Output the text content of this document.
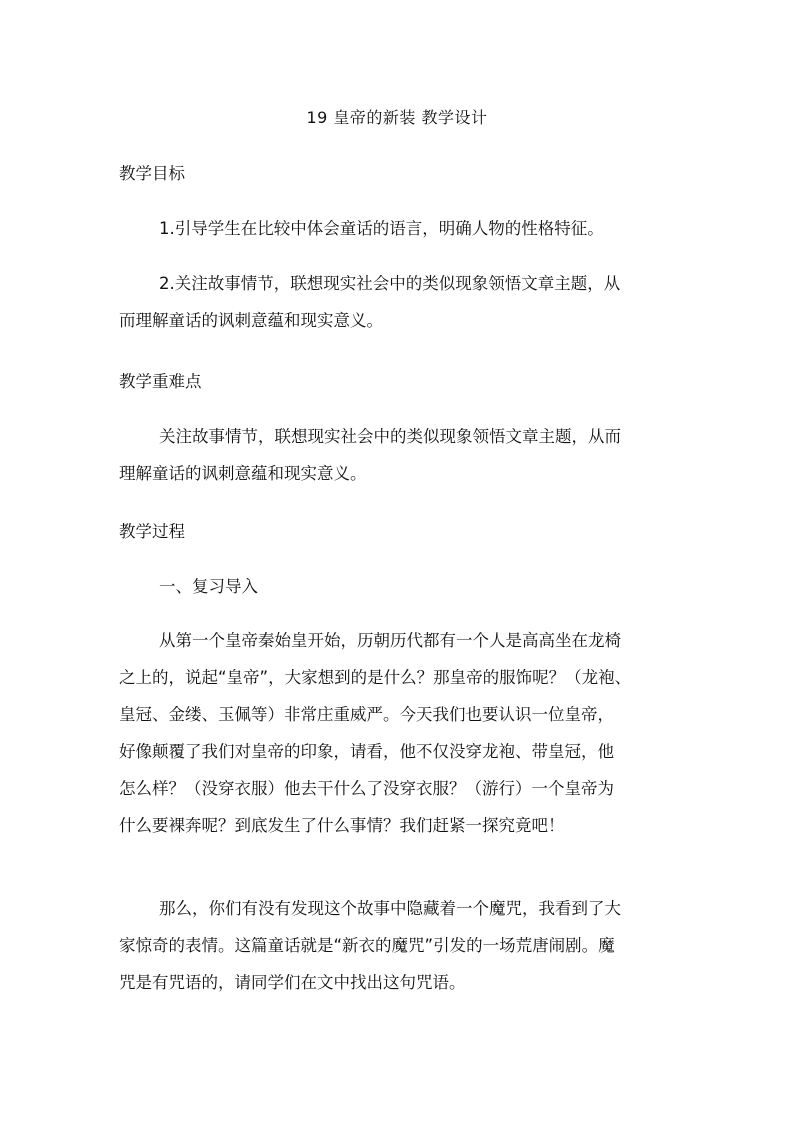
19 皇帝的新装 教学设计
教学目标
1.引导学生在比较中体会童话的语言，明确人物的性格特征。
2.关注故事情节，联想现实社会中的类似现象领悟文章主题，从
而理解童话的讽刺意蕴和现实意义。
教学重难点
关注故事情节，联想现实社会中的类似现象领悟文章主题，从而
理解童话的讽刺意蕴和现实意义。
教学过程
一、复习导入
从第一个皇帝秦始皇开始，历朝历代都有一个人是高高坐在龙椅
之上的，说起“皇帝”，大家想到的是什么？那皇帝的服饰呢？（龙袍、
皇冠、金缕、玉佩等）非常庄重威严。今天我们也要认识一位皇帝，
好像颠覆了我们对皇帝的印象，请看，他不仅没穿龙袍、带皇冠，他
怎么样？（没穿衣服）他去干什么了没穿衣服？（游行）一个皇帝为
什么要裸奔呢？到底发生了什么事情？我们赶紧一探究竟吧！
那么，你们有没有发现这个故事中隐藏着一个魔咒，我看到了大
家惊奇的表情。这篇童话就是“新衣的魔咒”引发的一场荒唐闹剧。魔
咒是有咒语的，请同学们在文中找出这句咒语。
